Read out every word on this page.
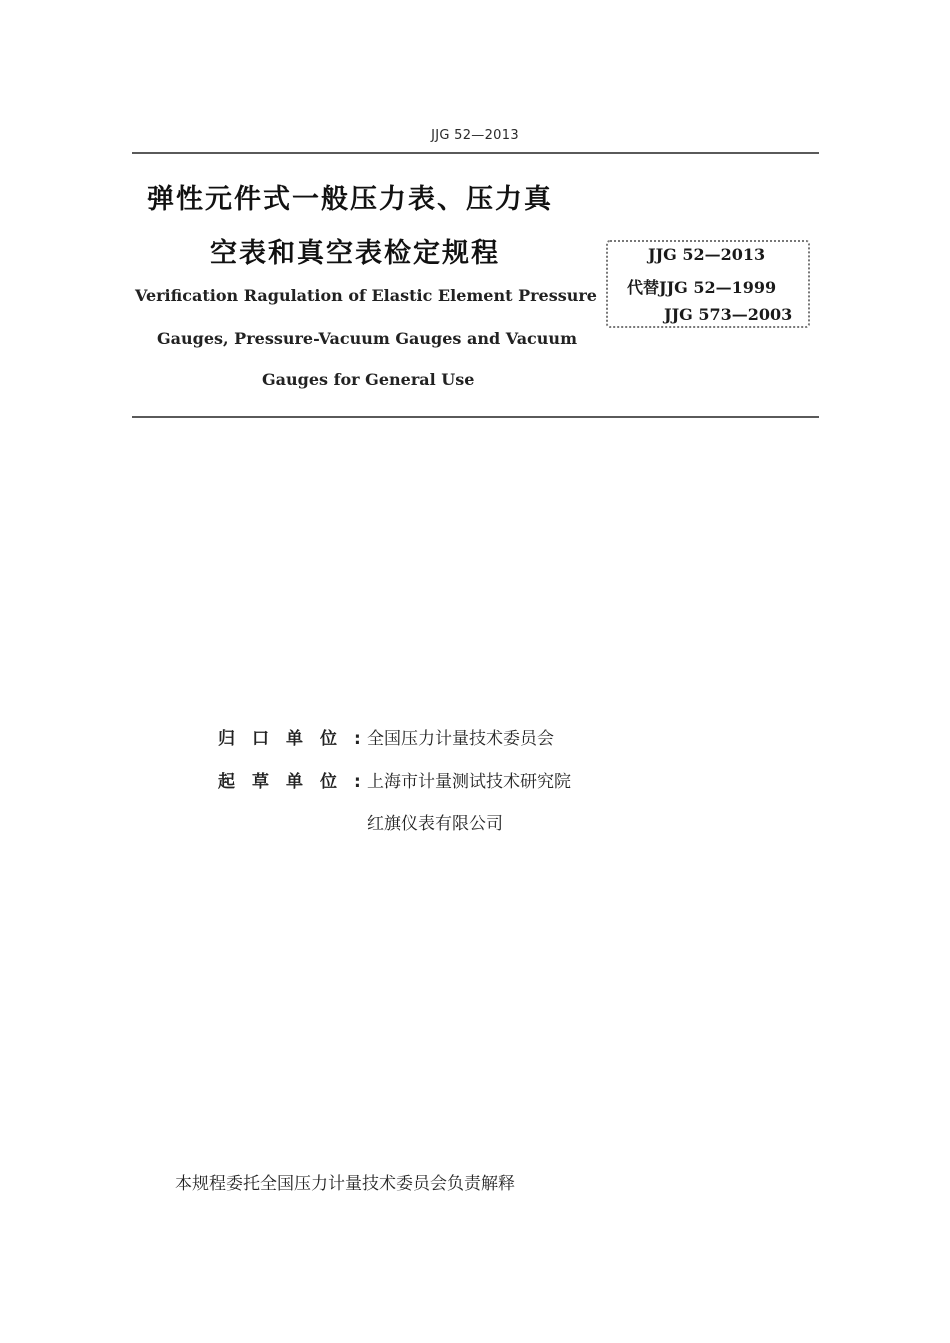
JJG 52—2013
弹性元件式一般压力表、压力真
空表和真空表检定规程
Verification Ragulation of Elastic Element Pressure
Gauges, Pressure-Vacuum Gauges and Vacuum
Gauges for General Use
JJG 52—2013
代替JJG 52—1999
JJG 573—2003
归口单位:
全国压力计量技术委员会
起草单位:
上海市计量测试技术研究院
红旗仪表有限公司
本规程委托全国压力计量技术委员会负责解释
